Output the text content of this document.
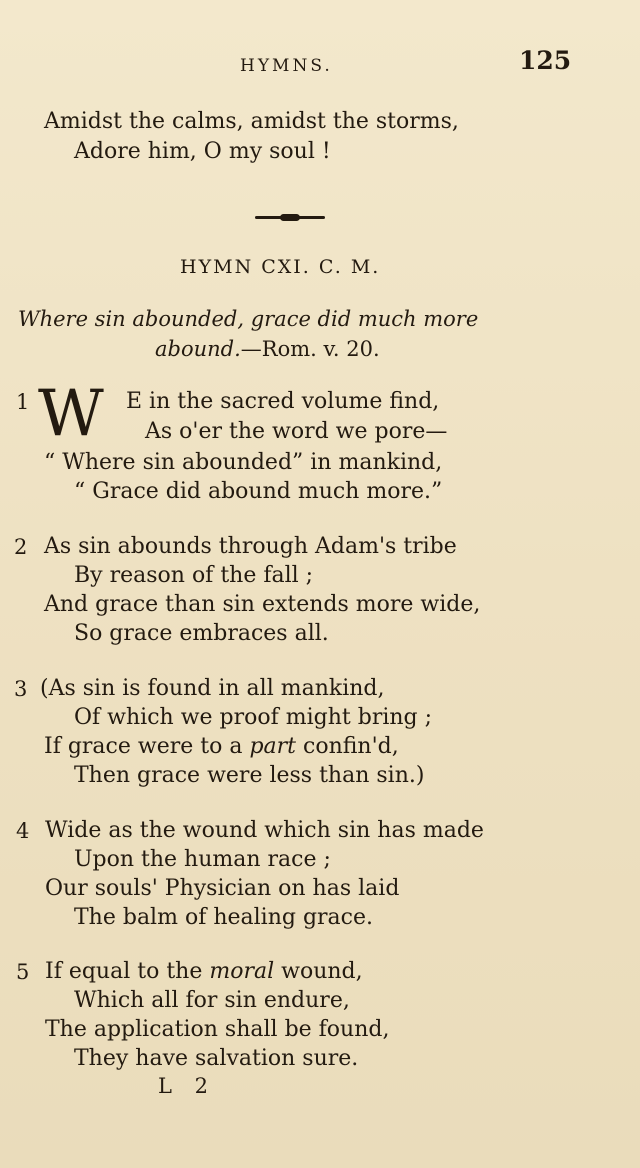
HYMNS.	125
Amidst the calms, amidst the storms,
Adore him, O my soul !
HYMN CXI. C. M.
Where sin abounded, grace did much more
abound.—Rom. v. 20.
1 W E in the sacred volume find,
As o'er the word we pore—
“ Where sin abounded” in mankind,
“ Grace did abound much more.”
2 As sin abounds through Adam's tribe
By reason of the fall ;
And grace than sin extends more wide,
So grace embraces all.
3 (As sin is found in all mankind,
Of which we proof might bring ;
If grace were to a part confin'd,
Then grace were less than sin.)
4 Wide as the wound which sin has made
Upon the human race ;
Our souls' Physician on has laid
The balm of healing grace.
5 If equal to the moral wound,
Which all for sin endure,
The application shall be found,
They have salvation sure.
L 2
